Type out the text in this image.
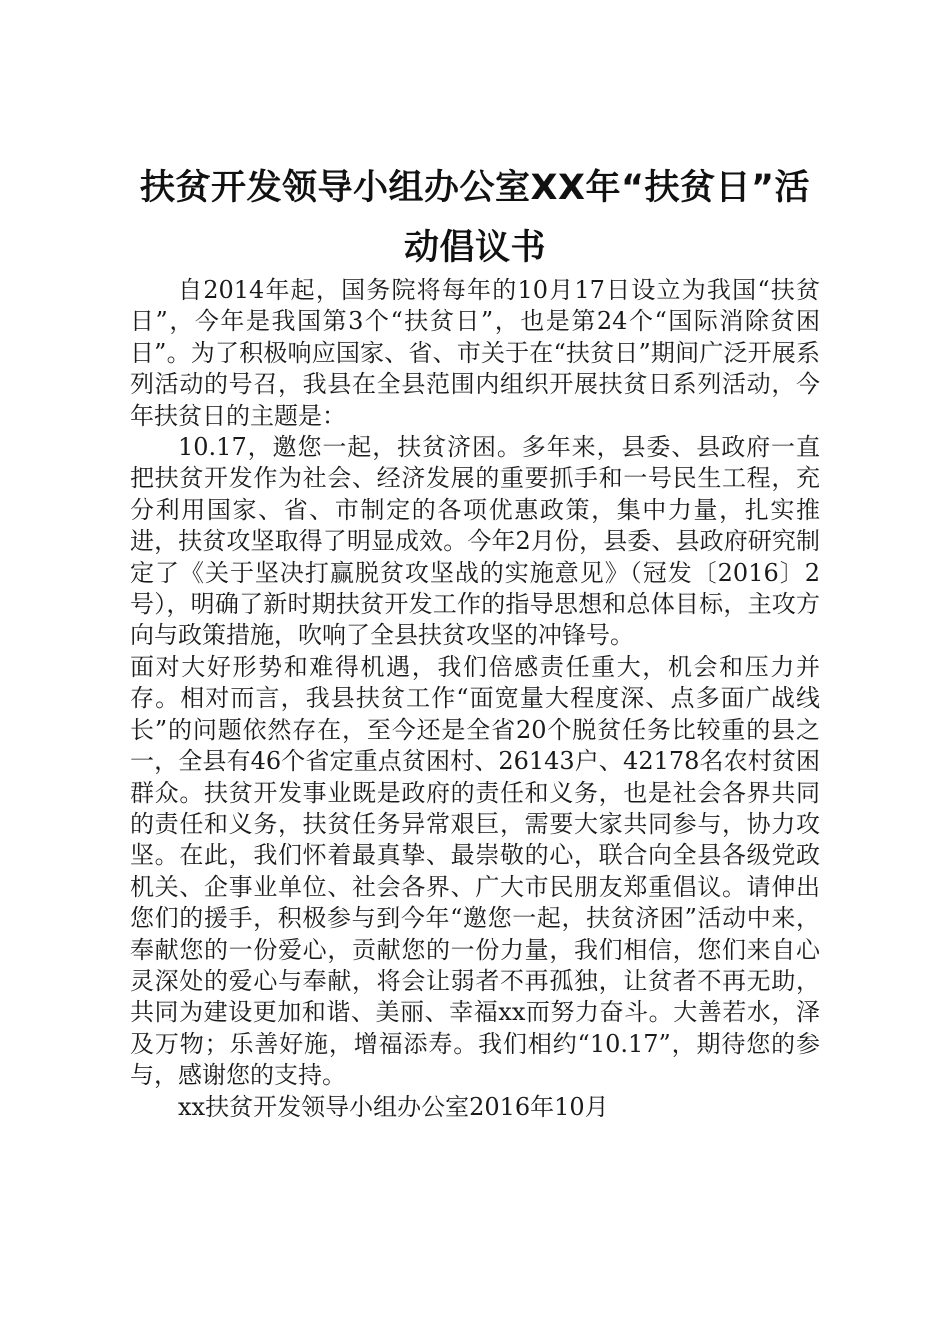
扶贫开发领导小组办公室XX年“扶贫日”活
动倡议书

自2014年起，国务院将每年的10月17日设立为我国“扶贫日”，今年是我国第3个“扶贫日”，也是第24个“国际消除贫困日”。为了积极响应国家、省、市关于在“扶贫日”期间广泛开展系列活动的号召，我县在全县范围内组织开展扶贫日系列活动，今年扶贫日的主题是：

10.17，邀您一起，扶贫济困。多年来，县委、县政府一直把扶贫开发作为社会、经济发展的重要抓手和一号民生工程，充分利用国家、省、市制定的各项优惠政策，集中力量，扎实推进，扶贫攻坚取得了明显成效。今年2月份，县委、县政府研究制定了《关于坚决打赢脱贫攻坚战的实施意见》（冠发〔2016〕2号），明确了新时期扶贫开发工作的指导思想和总体目标，主攻方向与政策措施，吹响了全县扶贫攻坚的冲锋号。

面对大好形势和难得机遇，我们倍感责任重大，机会和压力并存。相对而言，我县扶贫工作“面宽量大程度深、点多面广战线长”的问题依然存在，至今还是全省20个脱贫任务比较重的县之一，全县有46个省定重点贫困村、26143户、42178名农村贫困群众。扶贫开发事业既是政府的责任和义务，也是社会各界共同的责任和义务，扶贫任务异常艰巨，需要大家共同参与，协力攻坚。在此，我们怀着最真挚、最崇敬的心，联合向全县各级党政机关、企事业单位、社会各界、广大市民朋友郑重倡议。请伸出您们的援手，积极参与到今年“邀您一起，扶贫济困”活动中来，奉献您的一份爱心，贡献您的一份力量，我们相信，您们来自心灵深处的爱心与奉献，将会让弱者不再孤独，让贫者不再无助，共同为建设更加和谐、美丽、幸福xx而努力奋斗。大善若水，泽及万物；乐善好施，增福添寿。我们相约“10.17”，期待您的参与，感谢您的支持。

xx扶贫开发领导小组办公室2016年10月
